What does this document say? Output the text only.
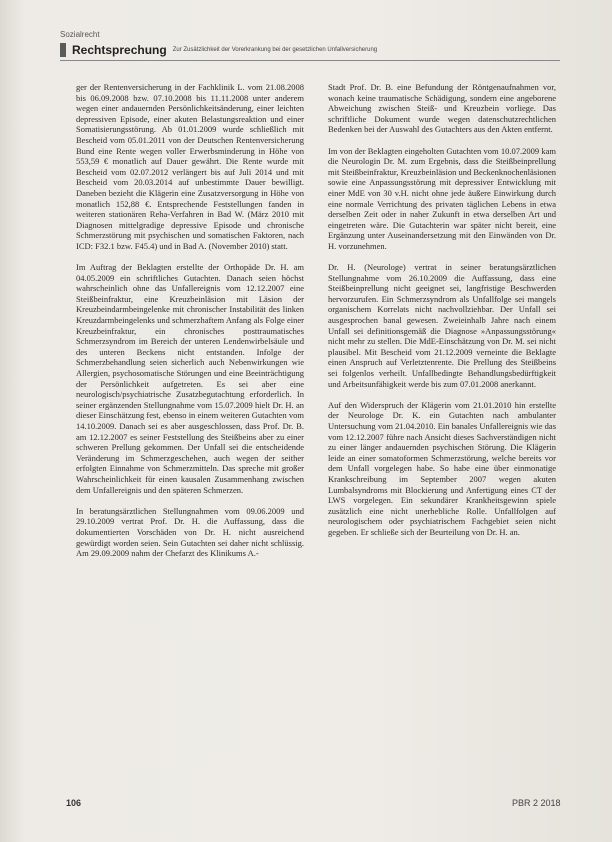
Sozialrecht
Rechtsprechung Zur Zusätzlichkeit der Vorerkrankung bei der gesetzlichen Unfallversicherung

ger der Rentenversicherung in der Fachklinik L. vom 21.08.2008 bis 06.09.2008 bzw. 07.10.2008 bis 11.11.2008 unter anderem wegen einer andauernden Persönlichkeitsänderung, einer leichten depressiven Episode, einer akuten Belastungsreaktion und einer Somatisierungsstörung. Ab 01.01.2009 wurde schließlich mit Bescheid vom 05.01.2011 von der Deutschen Rentenversicherung Bund eine Rente wegen voller Erwerbsminderung in Höhe von 553,59 € monatlich auf Dauer gewährt. Die Rente wurde mit Bescheid vom 02.07.2012 verlängert bis auf Juli 2014 und mit Bescheid vom 20.03.2014 auf unbestimmte Dauer bewilligt. Daneben bezieht die Klägerin eine Zusatzversorgung in Höhe von monatlich 152,88 €. Entsprechende Feststellungen fanden in weiteren stationären Reha-Verfahren in Bad W. (März 2010 mit Diagnosen mittelgradige depressive Episode und chronische Schmerzstörung mit psychischen und somatischen Faktoren, nach ICD: F32.1 bzw. F45.4) und in Bad A. (November 2010) statt.

Im Auftrag der Beklagten erstellte der Orthopäde Dr. H. am 04.05.2009 ein schriftliches Gutachten. Danach seien höchst wahrscheinlich ohne das Unfallereignis vom 12.12.2007 eine Steißbeinfraktur, eine Kreuzbeinläsion mit Läsion der Kreuzbeindarmbeingelenke mit chronischer Instabilität des linken Kreuzdarmbeingelenks und schmerzhaftem Anfang als Folge einer Kreuzbeinfraktur, ein chronisches posttraumatisches Schmerzsyndrom im Bereich der unteren Lendenwirbelsäule und des unteren Beckens nicht entstanden. Infolge der Schmerzbehandlung seien sicherlich auch Nebenwirkungen wie Allergien, psychosomatische Störungen und eine Beeinträchtigung der Persönlichkeit aufgetreten. Es sei aber eine neurologisch/psychiatrische Zusatzbegutachtung erforderlich. In seiner ergänzenden Stellungnahme vom 15.07.2009 hielt Dr. H. an dieser Einschätzung fest, ebenso in einem weiteren Gutachten vom 14.10.2009. Danach sei es aber ausgeschlossen, dass Prof. Dr. B. am 12.12.2007 es seiner Feststellung des Steißbeins aber zu einer schweren Prellung gekommen. Der Unfall sei die entscheidende Veränderung im Schmerzgeschehen, auch wegen der seither erfolgten Einnahme von Schmerzmitteln. Das spreche mit großer Wahrscheinlichkeit für einen kausalen Zusammenhang zwischen dem Unfallereignis und den späteren Schmerzen.

In beratungsärztlichen Stellungnahmen vom 09.06.2009 und 29.10.2009 vertrat Prof. Dr. H. die Auffassung, dass die dokumentierten Vorschäden von Dr. H. nicht ausreichend gewürdigt worden seien. Sein Gutachten sei daher nicht schlüssig. Am 29.09.2009 nahm der Chefarzt des Klinikums A.-

Stadt Prof. Dr. B. eine Befundung der Röntgenaufnahmen vor, wonach keine traumatische Schädigung, sondern eine angeborene Abweichung zwischen Steiß- und Kreuzbein vorliege. Das schriftliche Dokument wurde wegen datenschutzrechtlichen Bedenken bei der Auswahl des Gutachters aus den Akten entfernt.

Im von der Beklagten eingeholten Gutachten vom 10.07.2009 kam die Neurologin Dr. M. zum Ergebnis, dass die Steißbeinprellung mit Steißbeinfraktur, Kreuzbeinläsion und Beckenknochenläsionen sowie eine Anpassungsstörung mit depressiver Entwicklung mit einer MdE von 30 v.H. nicht ohne jede äußere Einwirkung durch eine normale Verrichtung des privaten täglichen Lebens in etwa derselben Zeit oder in naher Zukunft in etwa derselben Art und eingetreten wäre. Die Gutachterin war später nicht bereit, eine Ergänzung unter Auseinandersetzung mit den Einwänden von Dr. H. vorzunehmen.

Dr. H. (Neurologe) vertrat in seiner beratungsärztlichen Stellungnahme vom 26.10.2009 die Auffassung, dass eine Steißbeinprellung nicht geeignet sei, langfristige Beschwerden hervorzurufen. Ein Schmerzsyndrom als Unfallfolge sei mangels organischem Korrelats nicht nachvollziehbar. Der Unfall sei ausgesprochen banal gewesen. Zweieinhalb Jahre nach einem Unfall sei definitionsgemäß die Diagnose »Anpassungsstörung« nicht mehr zu stellen. Die MdE-Einschätzung von Dr. M. sei nicht plausibel. Mit Bescheid vom 21.12.2009 verneinte die Beklagte einen Anspruch auf Verletztenrente. Die Prellung des Steißbeins sei folgenlos verheilt. Unfallbedingte Behandlungsbedürftigkeit und Arbeitsunfähigkeit werde bis zum 07.01.2008 anerkannt.

Auf den Widerspruch der Klägerin vom 21.01.2010 hin erstellte der Neurologe Dr. K. ein Gutachten nach ambulanter Untersuchung vom 21.04.2010. Ein banales Unfallereignis wie das vom 12.12.2007 führe nach Ansicht dieses Sachverständigen nicht zu einer länger andauernden psychischen Störung. Die Klägerin leide an einer somatoformen Schmerzstörung, welche bereits vor dem Unfall vorgelegen habe. So habe eine über einmonatige Krankschreibung im September 2007 wegen akuten Lumbalsyndroms mit Blockierung und Anfertigung eines CT der LWS vorgelegen. Ein sekundärer Krankheitsgewinn spiele zusätzlich eine nicht unerhebliche Rolle. Unfallfolgen auf neurologischem oder psychiatrischem Fachgebiet seien nicht gegeben. Er schließe sich der Beurteilung von Dr. H. an.

106	PBR 2 2018
